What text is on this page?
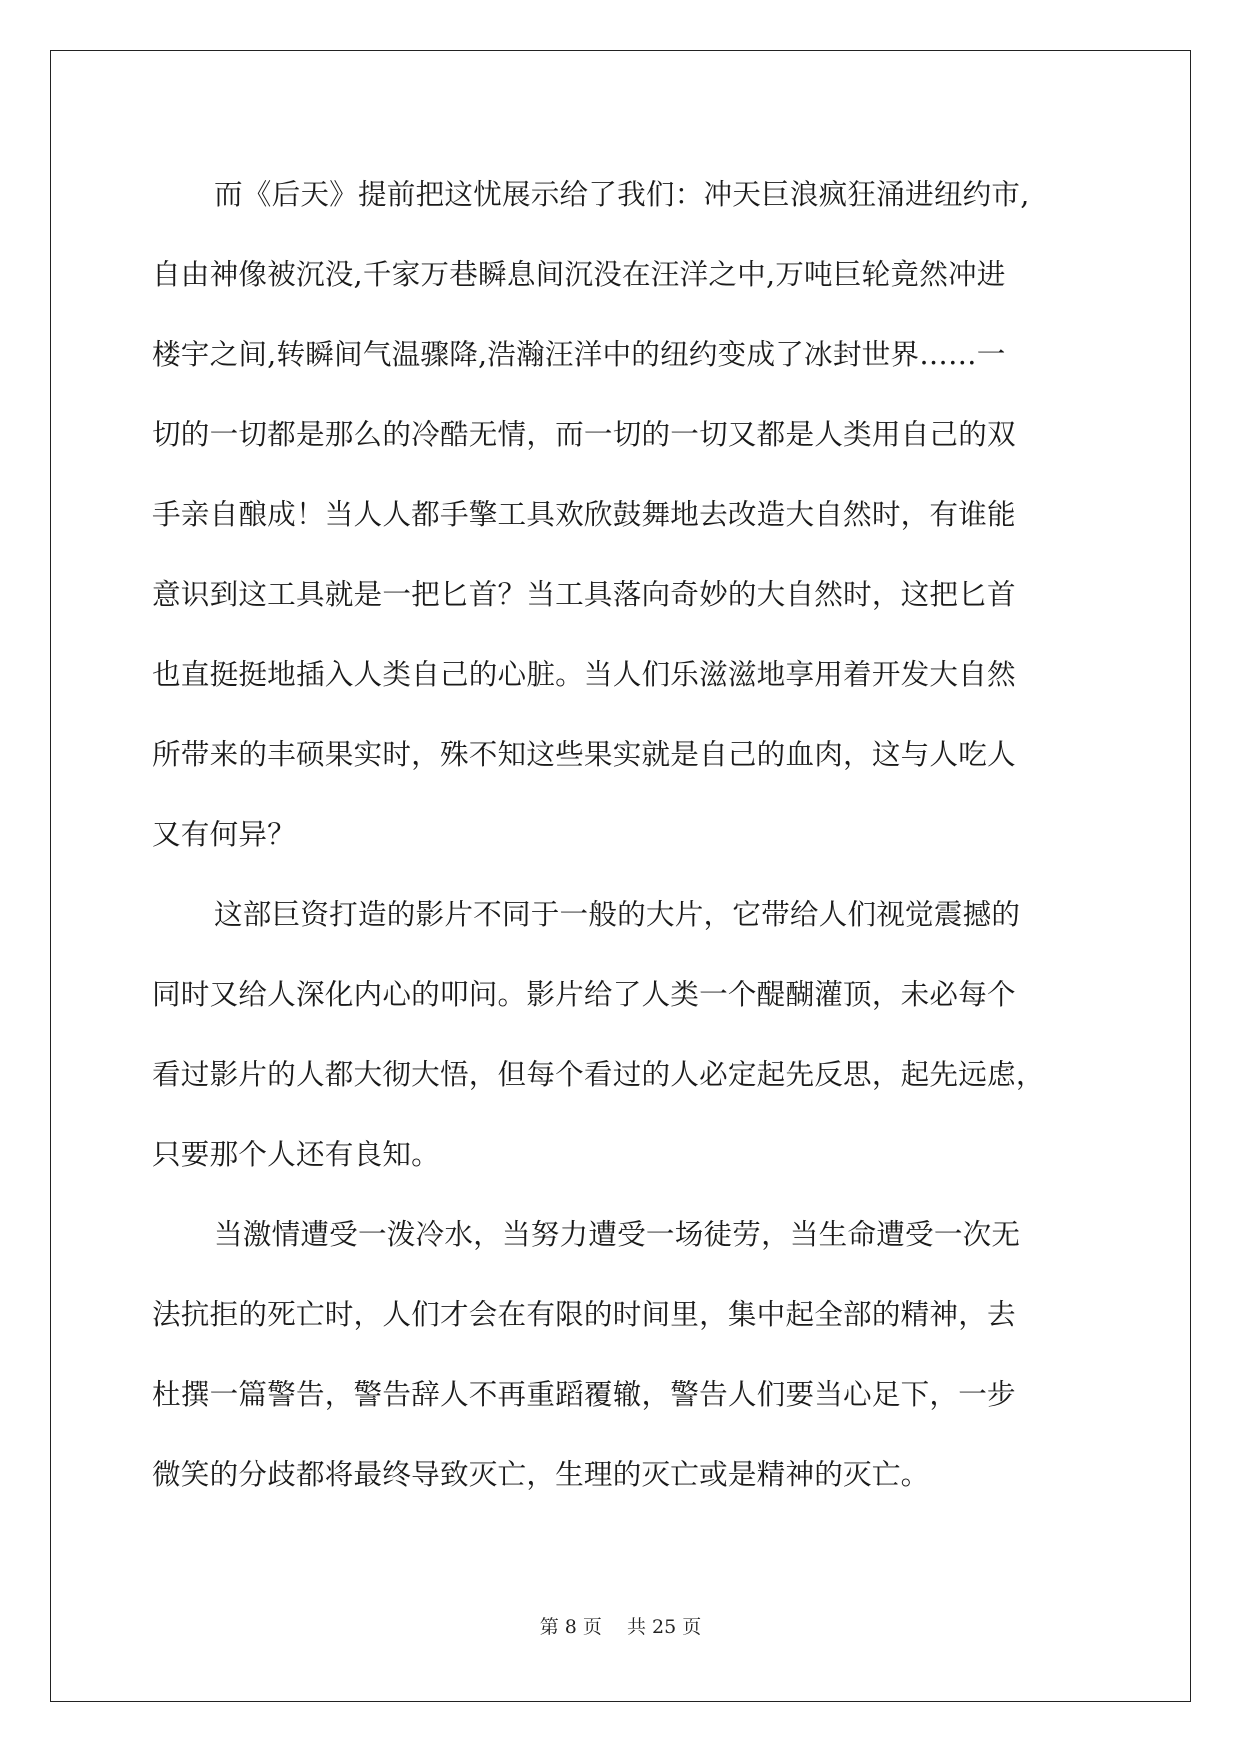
而《后天》提前把这忧展示给了我们：冲天巨浪疯狂涌进纽约市,
自由神像被沉没,千家万巷瞬息间沉没在汪洋之中,万吨巨轮竟然冲进
楼宇之间,转瞬间气温骤降,浩瀚汪洋中的纽约变成了冰封世界……一
切的一切都是那么的冷酷无情，而一切的一切又都是人类用自己的双
手亲自酿成！当人人都手擎工具欢欣鼓舞地去改造大自然时，有谁能
意识到这工具就是一把匕首？当工具落向奇妙的大自然时，这把匕首
也直挺挺地插入人类自己的心脏。当人们乐滋滋地享用着开发大自然
所带来的丰硕果实时，殊不知这些果实就是自己的血肉，这与人吃人
又有何异？
这部巨资打造的影片不同于一般的大片，它带给人们视觉震撼的
同时又给人深化内心的叩问。影片给了人类一个醍醐灌顶，未必每个
看过影片的人都大彻大悟，但每个看过的人必定起先反思，起先远虑，
只要那个人还有良知。
当激情遭受一泼冷水，当努力遭受一场徒劳，当生命遭受一次无
法抗拒的死亡时，人们才会在有限的时间里，集中起全部的精神，去
杜撰一篇警告，警告辞人不再重蹈覆辙，警告人们要当心足下，一步
微笑的分歧都将最终导致灭亡，生理的灭亡或是精神的灭亡。
第 8 页　 共 25 页
